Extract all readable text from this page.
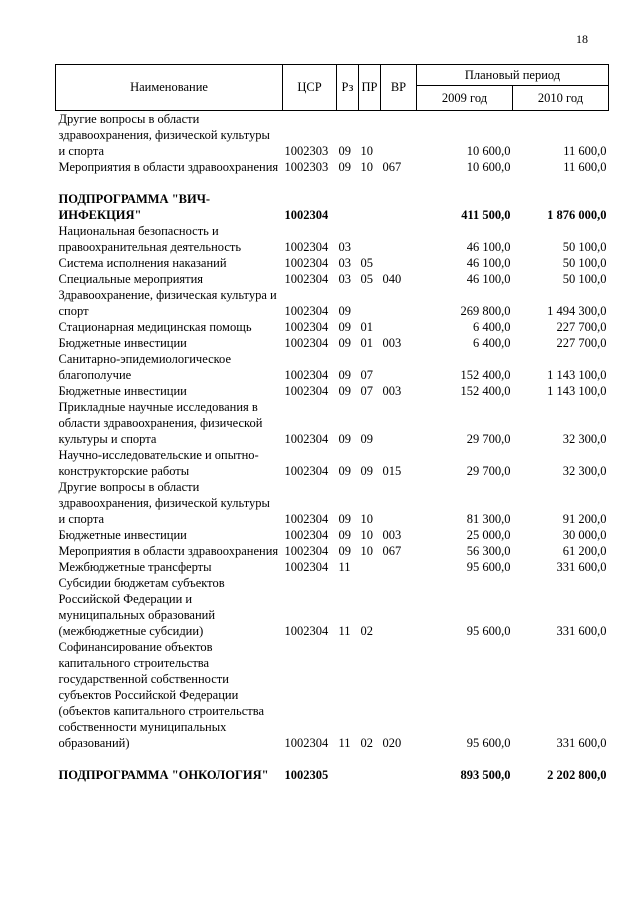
18
Наименование	ЦСР	Рз	ПР	ВР	Плановый период	
					2009 год	2010 год
Другие вопросы в области здравоохранения, физической культуры и спорта	1002303	09	10		10 600,0	11 600,0
Мероприятия в области здравоохранения	1002303	09	10	067	10 600,0	11 600,0
ПОДПРОГРАММА "ВИЧ-ИНФЕКЦИЯ"	1002304				411 500,0	1 876 000,0
Национальная безопасность и правоохранительная деятельность	1002304	03			46 100,0	50 100,0
Система исполнения наказаний	1002304	03	05		46 100,0	50 100,0
Специальные мероприятия	1002304	03	05	040	46 100,0	50 100,0
Здравоохранение, физическая культура и спорт	1002304	09			269 800,0	1 494 300,0
Стационарная медицинская помощь	1002304	09	01		6 400,0	227 700,0
Бюджетные инвестиции	1002304	09	01	003	6 400,0	227 700,0
Санитарно-эпидемиологическое благополучие	1002304	09	07		152 400,0	1 143 100,0
Бюджетные инвестиции	1002304	09	07	003	152 400,0	1 143 100,0
Прикладные научные исследования в области здравоохранения, физической культуры и спорта	1002304	09	09		29 700,0	32 300,0
Научно-исследовательские и опытно-конструкторские работы	1002304	09	09	015	29 700,0	32 300,0
Другие вопросы в области здравоохранения, физической культуры и спорта	1002304	09	10		81 300,0	91 200,0
Бюджетные инвестиции	1002304	09	10	003	25 000,0	30 000,0
Мероприятия в области здравоохранения	1002304	09	10	067	56 300,0	61 200,0
Межбюджетные трансферты	1002304	11			95 600,0	331 600,0
Субсидии бюджетам субъектов Российской Федерации и муниципальных образований (межбюджетные субсидии)	1002304	11	02		95 600,0	331 600,0
Софинансирование объектов капитального строительства государственной собственности субъектов Российской Федерации (объектов капитального строительства собственности муниципальных образований)	1002304	11	02	020	95 600,0	331 600,0
ПОДПРОГРАММА "ОНКОЛОГИЯ"	1002305				893 500,0	2 202 800,0
